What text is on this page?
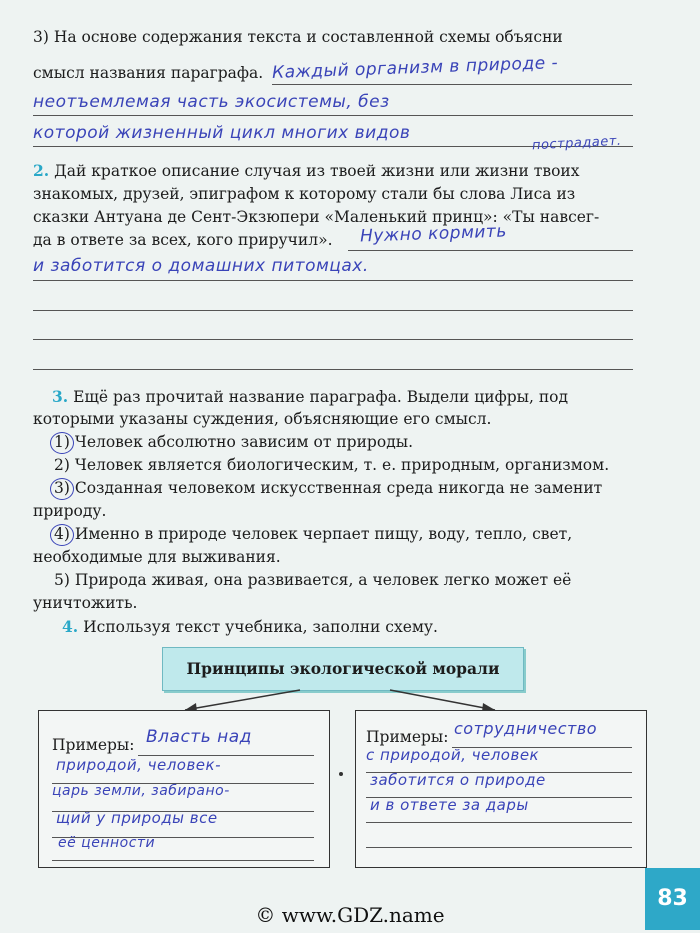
3) На основе содержания текста и составленной схемы объясни
смысл названия параграфа. Каждый организм в природе -
неотъемлемая часть экосистемы, без
которой жизненный цикл многих видов
пострадает.
2. Дай краткое описание случая из твоей жизни или жизни твоих
знакомых, друзей, эпиграфом к которому стали бы слова Лиса из
сказки Антуана де Сент-Экзюпери «Маленький принц»: «Ты навсег-
да в ответе за всех, кого приручил». Нужно кормить
и заботится о домашних питомцах.
3. Ещё раз прочитай название параграфа. Выдели цифры, под
которыми указаны суждения, объясняющие его смысл.
1) Человек абсолютно зависим от природы.
2) Человек является биологическим, т. е. природным, организмом.
3) Созданная человеком искусственная среда никогда не заменит
природу.
4) Именно в природе человек черпает пищу, воду, тепло, свет,
необходимые для выживания.
5) Природа живая, она развивается, а человек легко может её
уничтожить.
4. Используя текст учебника, заполни схему.
Принципы экологической морали
Примеры: Власть над
природой, человек-
царь земли, забирано-
щий у природы все
её ценности
Примеры: сотрудничество
с природой, человек
заботится о природе
и в ответе за дары
83
© www.GDZ.name
